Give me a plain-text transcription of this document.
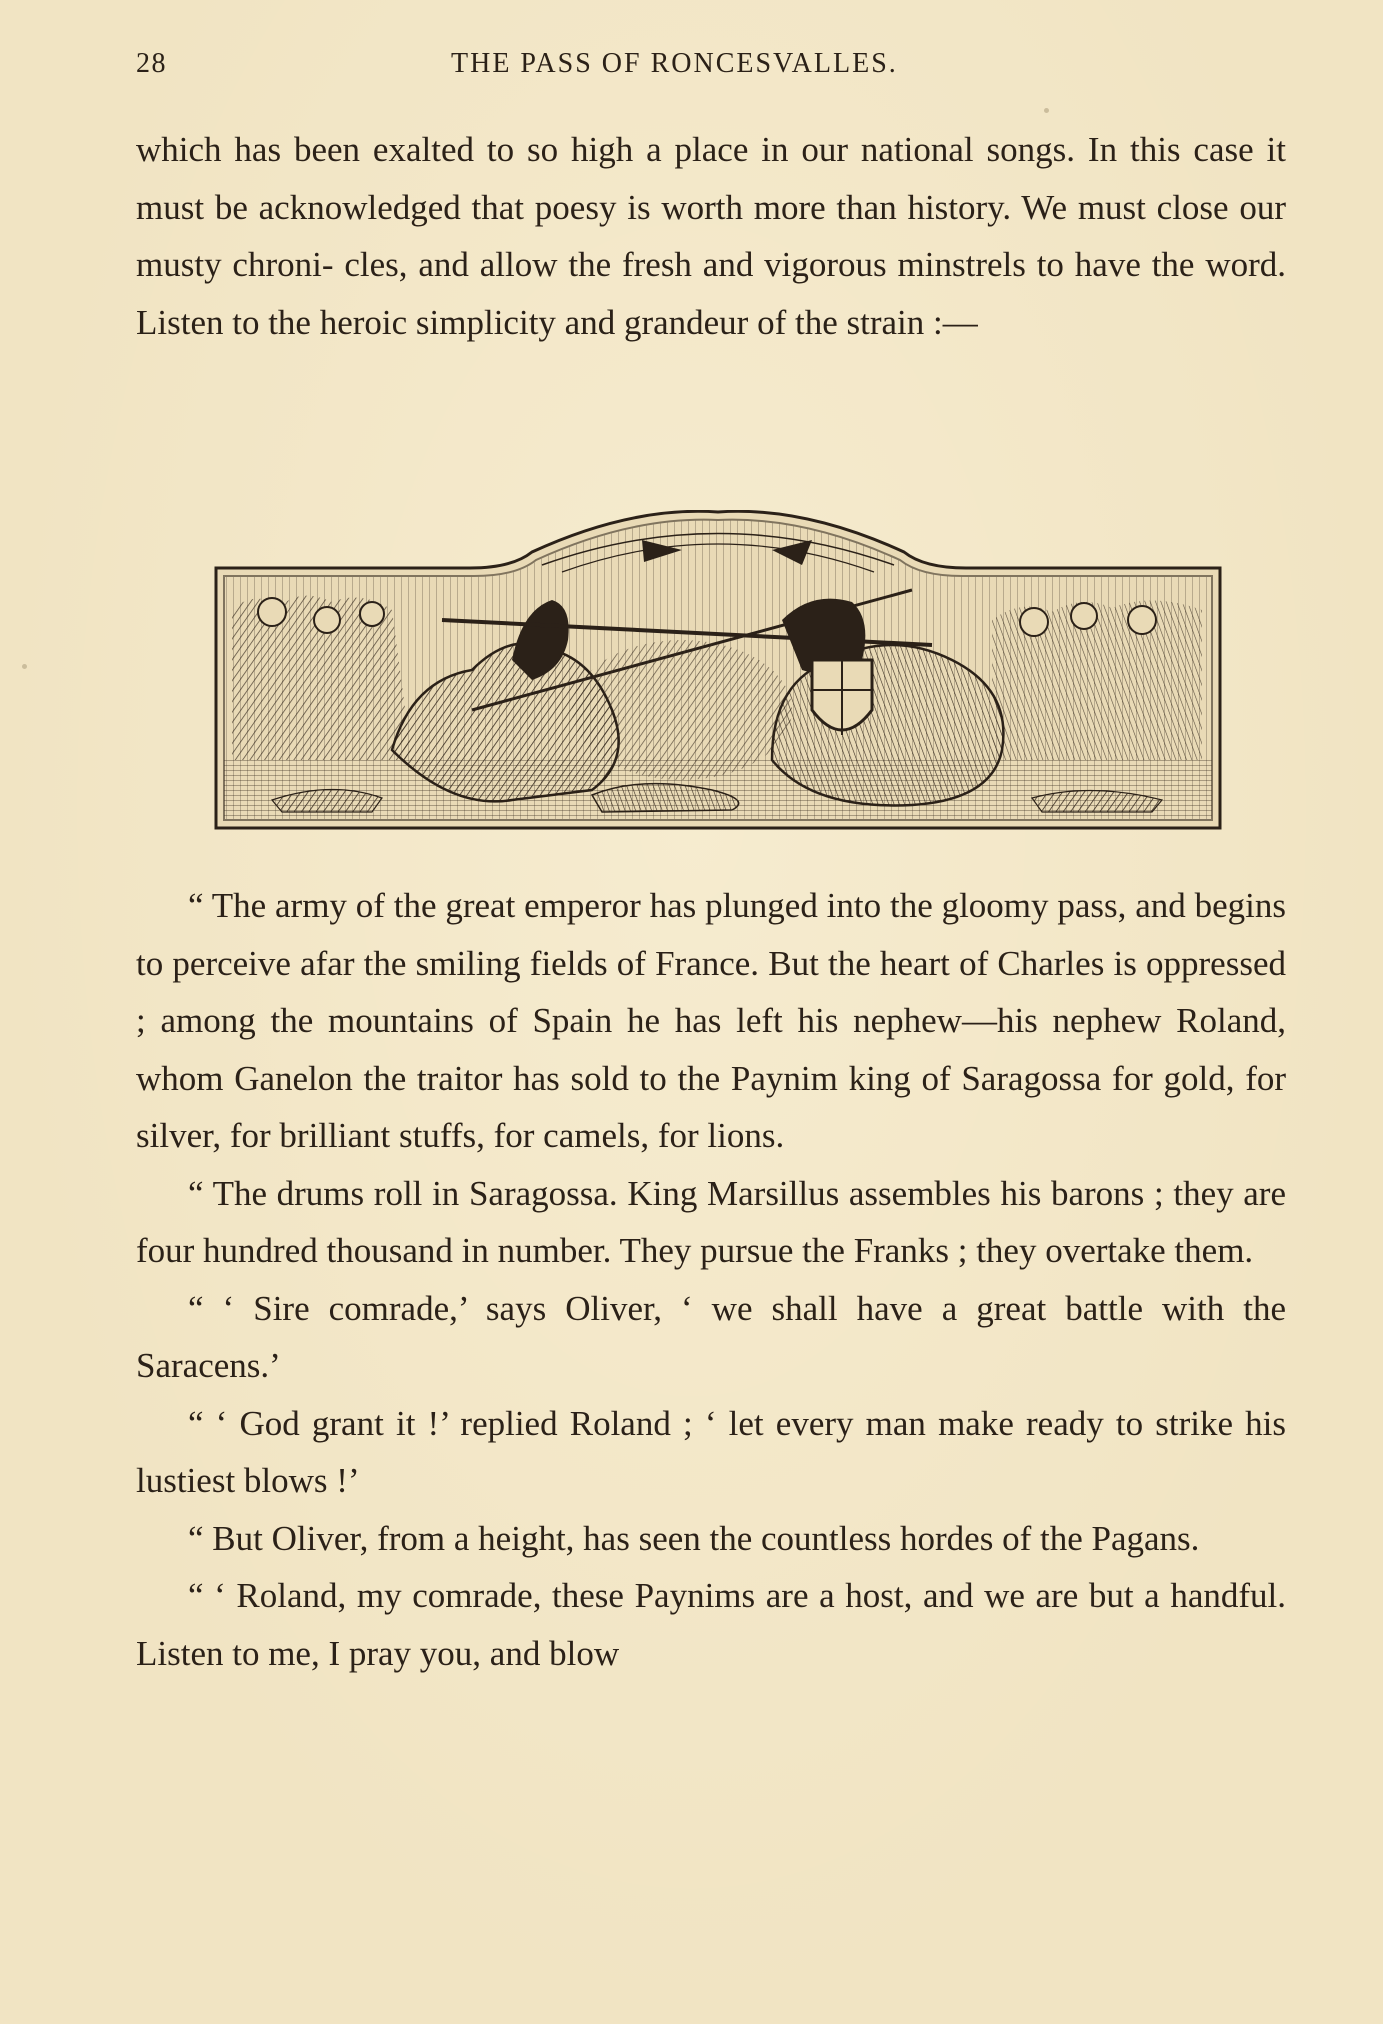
28	THE PASS OF RONCESVALLES.

which has been exalted to so high a place in our national songs. In this case it must be acknowledged that poesy is worth more than history. We must close our musty chroni- cles, and allow the fresh and vigorous minstrels to have the word. Listen to the heroic simplicity and grandeur of the strain :—

“ The army of the great emperor has plunged into the gloomy pass, and begins to perceive afar the smiling fields of France. But the heart of Charles is oppressed ; among the mountains of Spain he has left his nephew—his nephew Roland, whom Ganelon the traitor has sold to the Paynim king of Saragossa for gold, for silver, for brilliant stuffs, for camels, for lions.

“ The drums roll in Saragossa. King Marsillus assembles his barons ; they are four hundred thousand in number. They pursue the Franks ; they overtake them.

“ ‘ Sire comrade,’ says Oliver, ‘ we shall have a great battle with the Saracens.’

“ ‘ God grant it !’ replied Roland ; ‘ let every man make ready to strike his lustiest blows !’

“ But Oliver, from a height, has seen the countless hordes of the Pagans.

“ ‘ Roland, my comrade, these Paynims are a host, and we are but a handful. Listen to me, I pray you, and blow
